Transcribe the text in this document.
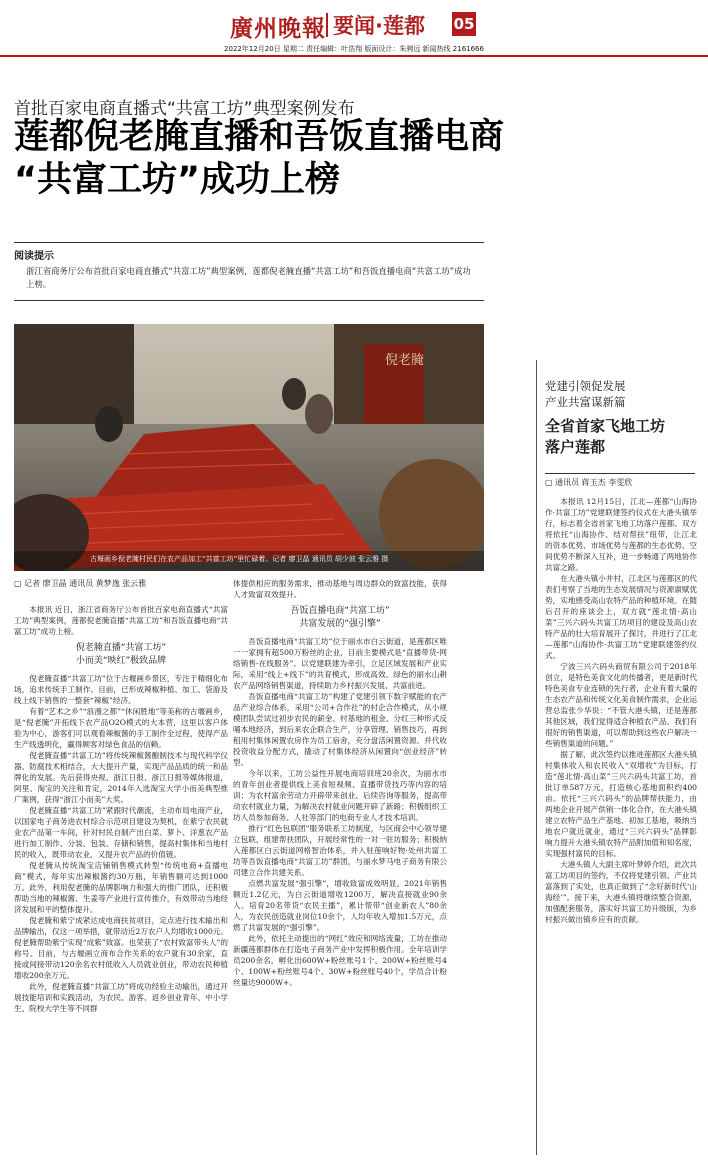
廣州晚報 要闻·莲都 05
2022年12月20日 星期二 责任编辑：叶浩翔 版面设计：朱骋远 新闻热线 2161666
首批百家电商直播式“共富工坊”典型案例发布
莲都倪老腌直播和吾饭直播电商
“共富工坊”成功上榜
阅读提示
浙江省商务厅公布首批百家电商直播式“共富工坊”典型案例，莲都倪老腌直播“共富工坊”和吾饭直播电商“共富工坊”成功上榜。
倪老腌
古堰画乡倪老腌村民们在农产品加工“共富工坊”里忙碌着。记者 廖卫晶 通讯员 胡少波 张云雅 摄
▢ 记者 廖卫晶 通讯员 黄梦逸 张云雅

本报讯 近日，浙江省商务厅公布首批百家电商直播式“共富工坊”典型案例，莲都倪老腌直播“共富工坊”和吾饭直播电商“共富工坊”成功上榜。

倪老腌直播“共富工坊”
小而美“映红”极致品牌

倪老腌直播“共富工坊”位于古堰画乡景区，专注于精细化布场，追求传统手工制作。目前，已形成辣椒种植、加工、袋游及线上线下销售的一整套“辣椒”经济。

有着“艺术之乡”“浪漫之都”“休闲胜地”等美称的古堰画乡，是“倪老腌”开拓线下农产品O2O模式的大本营，这里以客户体验为中心，游客们可以观看辣椒酱的手工制作全过程，使得产品生产线透明化，赢得顾客对绿色食品的信赖。

倪老腌直播“共富工坊”将传统辣椒酱酿制技术与现代科学仪器、防腐技术相结合，大大提升产量，实现产品品质的统一和品牌化的发展。先后获得央视、浙江日报、浙江日报等媒体报道，阿里、淘宝的关注和肯定，2014年入选淘宝大学小而美典型推广案例，获得“浙江小而美”大奖。

倪老腌直播“共富工坊”紧跟时代潮流，主动布局电商产业，以国家电子商务进农村综合示范项目建设为契机，在紫宁农民就业农产品第一车间，针对村民自制产出白菜、萝卜、洋葱农产品进行加工制作、分装、包装、存储和销售，提高村集体和当地村民的收入，既带动农业，又提升农产品的价值链。

倪老腌从传统淘宝店铺销售模式转型“传统电商+直播电商”模式，每年实出辣椒酱约30万瓶，年销售额可达到1000万。此外，利用倪老腌的品牌影响力和强大的推广团队，还积极帮助当地的辣椒酱、生姜等产业进行宣传推介，有效带动当地经济发展和平的整体提升。

倪老腌和紫宁成紧达成电商扶贫项目，定点进行技术输出和品牌输出，仅这一项举措，就带动近2万农户人均增收1000元。倪老腌帮助紫宁实现“成紫”致富。也荣获了“农村致富带头人”的称号。目前，与古堰画立商布合作关系的农户就有30余家，直接或间接带动120余名农村低收入人员就业创业，带动农民种植增收200余万元。

此外，倪老腌直播“共富工坊”将成功经验主动输出，通过开展技能培训和实践活动，为农民、游客、返乡创业青年、中小学生、院校大学生等不同群

体提供相应的服务需求，推动基地与周边群众的致富技能，获得人才致富双效提升。

吾饭直播电商“共富工坊”
共富发展的“强引擎”

吾饭直播电商“共富工坊”位于丽水市白云街道，是莲都区唯一一家拥有超500万粉丝的企业，目前主要模式是“直播带货-网络销售-在线服务”。以党建联建为牵引，立足区域发展和产业实际，采用“线上+线下”的共育模式，形成高效、绿色的丽水山耕农产品网络销售渠道，持续助力乡村振兴发展、共富前进。

吾饭直播电商“共富工坊”构建了党建引领下数字赋能的农产品产业综合体系，采用“公司+合作社”的村企合作模式，从小规模团队尝试过初步农民的薪金、村基地的租金、分红三种形式反哺本地经济，到后来农企联合生产，分享管理、销售技巧，再到租用村集体闲置农房作为员工宿舍，充分盘活闲置资源。并代收投资收益分配方式，撬动了村集体经济从闲置向“创业经济”转型。

今年以来，工坊公益性开展电商培训班20余次，为丽水市的青年创业者提供线上美食短视频、直播带货技巧等内容的培训；为农村富余劳动力开辟带来创业、后续咨询等服务，提高带动农村就业力量，为解决农村就业问题开辟了新路；积极组织工坊人员参加商务、人社等部门的电商专业人才技术培训。

推行“红色包联团”服务联系工坊制度，与区商会中心领导建立包联，组建帮扶团队，开展经常性的一对一驻坊服务；积极纳入莲都区白云街道网格智治体系，并入驻莲响好物·处州共富工坊等吾饭直播电商“共富工坊”群团，与丽水梦马电子商务有限公司建立合作共建关系。

点燃共富发展“强引擎”，增收致富成效明显。2021年销售额近1.2亿元，为白云街道增收1200万，解决直接就业90余人。培育20名带货“农民主播”，累计帮带“创业新农人”80余人，为农民创造就业岗位10余个，人均年收入增加1.5万元，点燃了共富发展的“强引擎”。

此外，依托主动提出的“网红”效应和网络流量，工坊在推动新疆莲都群体在打造电子商务产业中发挥积极作用。全年培训学员200余名，孵化出600W+粉丝账号1个、200W+粉丝账号4个、100W+粉丝账号4个、30W+粉丝账号40个，学员合计粉丝量达9000W+。

党建引领促发展
产业共富谋新篇
全省首家飞地工坊
落户莲都
▢ 通讯员 蒋玉杰 李雯欣

本报讯 12月15日，江北—莲都“山海协作·共富工坊”党建联建签约仪式在大港头镇举行，标志着全省首家飞地工坊落户莲都。双方将依托“山海协作、结对帮扶”纽带，让江北的资本优势、市场优势与莲都的生态优势、空间优势不断深入互补，进一步畅通了两地协作共富之路。

在大港头镇小井村，江北区与莲都区的代表们考察了当地的生态发展情况与资源禀赋优势，实地感受高山农特产品的种植环境。在随后召开的座谈会上，双方就“莲北情·高山菜”三兴六码头共富工坊项目的建设及高山农特产品的壮大培育展开了探讨，并进行了江北—莲都“山海协作·共富工坊”党建联建签约仪式。

宁波三兴六码头商贸有限公司于2018年创立，是特色美食文化的传播者，更是新时代特色美食专业连锁的先行者，企业有着大量的生态农产品和传统文化美食制作需求，企业运营总监张少华说：“不管大港头镇，还是莲都其他区域，我们觉得适合种植农产品。我们有很好的销售渠道，可以帮助到这些农户解决一些销售渠道的问题。”

据了解，此次签约以推进莲都区大港头镇村集体收入和农民收入“双增收”为目标，打造“莲北情·高山菜”三兴六码头共富工坊，首批订单587万元，打造核心基地面积约400亩。依托“三兴六码头”的品牌帮扶能力，由两地企业开展产供销一体化合作，在大港头镇建立农特产品生产基地、初加工基地，吸纳当地农户就近就业，通过“三兴六码头”品牌影响力提升大港头镇农特产品附加值和知名度，实现强村富民的目标。

大港头镇人大副主席叶梦婷介绍，此次共富工坊项目的签约，不仅将党建引领、产业共富落到了实处，也真正做到了“念好新时代‘山海经’”。接下来，大港头镇将继续整合资源，加强配套服务，落实好共富工坊升级版，为乡村振兴做出镇乡应有的贡献。
